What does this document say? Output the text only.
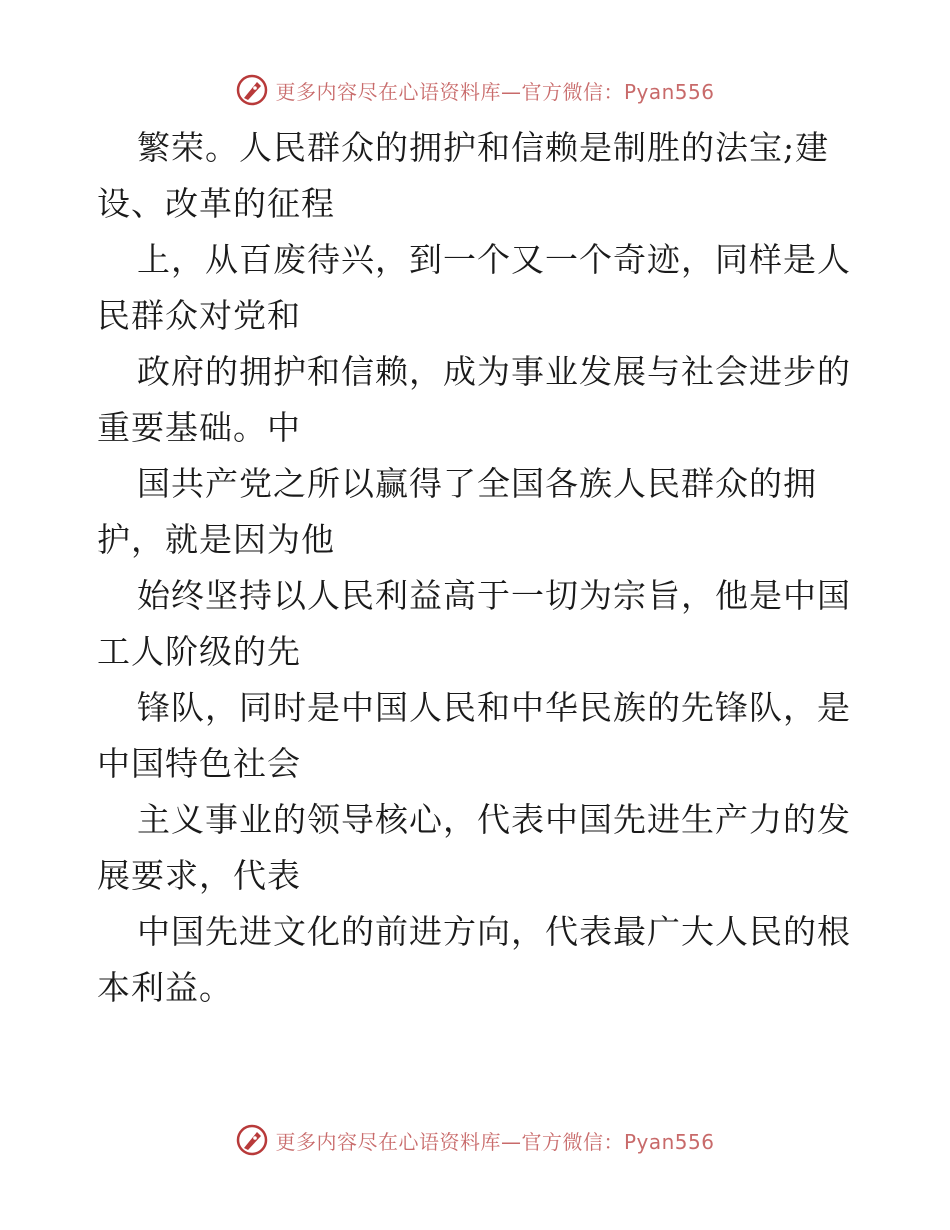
更多内容尽在心语资料库—官方微信：Pyan556

繁荣。人民群众的拥护和信赖是制胜的法宝;建
设、改革的征程

上，从百废待兴，到一个又一个奇迹，同样是人
民群众对党和

政府的拥护和信赖，成为事业发展与社会进步的
重要基础。中

国共产党之所以赢得了全国各族人民群众的拥
护，就是因为他

始终坚持以人民利益高于一切为宗旨，他是中国
工人阶级的先

锋队，同时是中国人民和中华民族的先锋队，是
中国特色社会

主义事业的领导核心，代表中国先进生产力的发
展要求，代表

中国先进文化的前进方向，代表最广大人民的根
本利益。

更多内容尽在心语资料库—官方微信：Pyan556
